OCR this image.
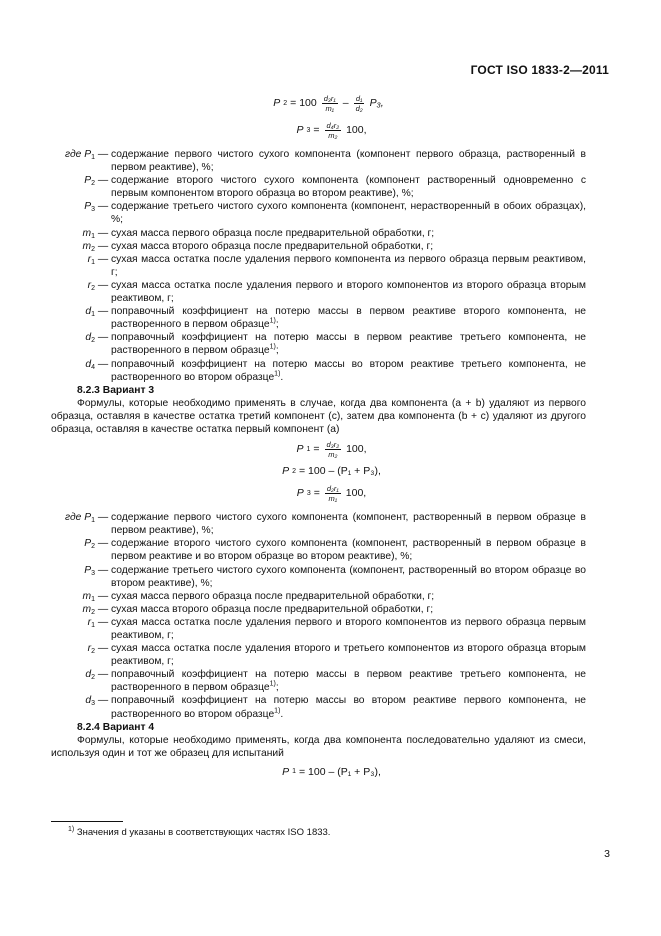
ГОСТ ISO 1833-2—2011
P $2 = 100 \frac{\text{d₃r₁}}{\text{m₁}} - \frac{\text{d₁}}{\text{d₂}} P_3$,
P $3 = \frac{\text{d₄r₂}}{\text{m₂}} 100$,
где $P_1$ — содержание первого чистого сухого компонента (компонент первого образца, растворенный в первом реактиве), %;
$P_2$ — содержание второго чистого сухого компонента (компонент растворенный одновременно с первым компонентом второго образца во втором реактиве), %;
$P_3$ — содержание третьего чистого сухого компонента (компонент, нерастворенный в обоих образцах), %;
$m_1$ — сухая масса первого образца после предварительной обработки, г;
$m_2$ — сухая масса второго образца после предварительной обработки, г;
$r_1$ — сухая масса остатка после удаления первого компонента из первого образца первым реактивом, г;
$r_2$ — сухая масса остатка после удаления первого и второго компонентов из второго образца вторым реактивом, г;
$d_1$ — поправочный коэффициент на потерю массы в первом реактиве второго компонента, не растворенного в первом образце$^{1)}$;
$d_2$ — поправочный коэффициент на потерю массы в первом реактиве третьего компонента, не растворенного в первом образце$^{1)}$;
$d_4$ — поправочный коэффициент на потерю массы во втором реактиве третьего компонента, не растворенного во втором образце$^{1)}$.
8.2.3 Вариант 3
Формулы, которые необходимо применять в случае, когда два компонента (a + b) удаляют из первого образца, оставляя в качестве остатка третий компонент (c), затем два компонента (b + c) удаляют из другого образца, оставляя в качестве остатка первый компонент (a)
P $1 = \frac{\text{d₃r₂}}{\text{m₂}} 100$,
P 2 = 100 – (P₁ + P₃),
P $3 = \frac{\text{d₂r₁}}{\text{m₁}} 100$,
где $P_1$ — содержание первого чистого сухого компонента (компонент, растворенный в первом образце в первом реактиве), %;
$P_2$ — содержание второго чистого сухого компонента (компонент, растворенный в первом образце в первом реактиве и во втором образце во втором реактиве), %;
$P_3$ — содержание третьего чистого сухого компонента (компонент, растворенный во втором образце во втором реактиве), %;
$m_1$ — сухая масса первого образца после предварительной обработки, г;
$m_2$ — сухая масса второго образца после предварительной обработки, г;
$r_1$ — сухая масса остатка после удаления первого и второго компонентов из первого образца первым реактивом, г;
$r_2$ — сухая масса остатка после удаления второго и третьего компонентов из второго образца вторым реактивом, г;
$d_2$ — поправочный коэффициент на потерю массы в первом реактиве третьего компонента, не растворенного в первом образце$^{1)}$;
$d_3$ — поправочный коэффициент на потерю массы во втором реактиве первого компонента, не растворенного во втором образце$^{1)}$.
8.2.4 Вариант 4
Формулы, которые необходимо применять, когда два компонента последовательно удаляют из смеси, используя один и тот же образец для испытаний
P 1 = 100 – (P₁ + P₃),
$^{1)}$ Значения d указаны в соответствующих частях ISO 1833.
3
